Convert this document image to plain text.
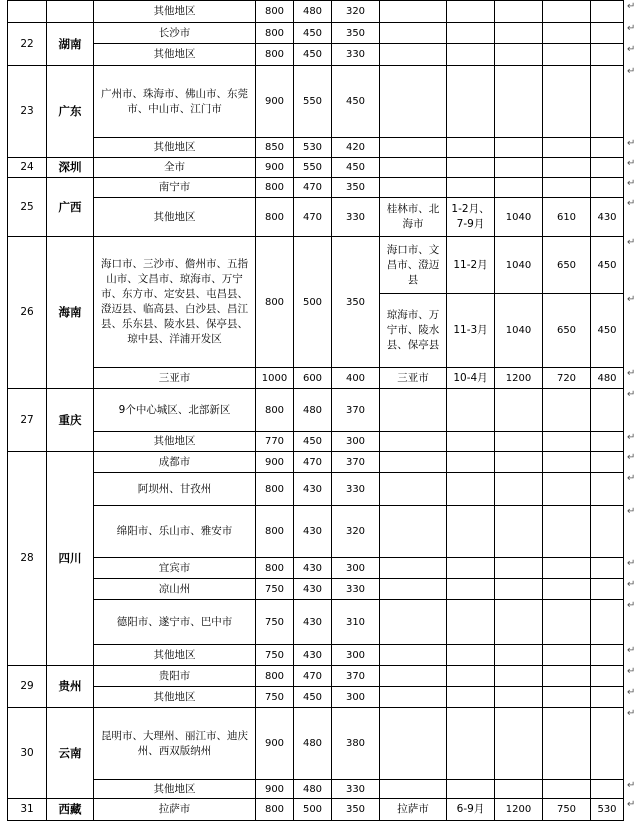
		其他地区	800	480	320					
22	湖南	长沙市	800	450	350					
		其他地区	800	450	330					
23	广东	广州市、珠海市、佛山市、东莞市、中山市、江门市	900	550	450					
		其他地区	850	530	420					
24	深圳	全市	900	550	450					
25	广西	南宁市	800	470	350					
		其他地区	800	470	330	桂林市、北海市	1-2月、7-9月	1040	610	430
26	海南	海口市、三沙市、儋州市、五指山市、文昌市、琼海市、万宁市、东方市、定安县、屯昌县、澄迈县、临高县、白沙县、昌江县、乐东县、陵水县、保亭县、琼中县、洋浦开发区	800	500	350	海口市、文昌市、澄迈县	11-2月	1040	650	450
						琼海市、万宁市、陵水县、保亭县	11-3月	1040	650	450
		三亚市	1000	600	400	三亚市	10-4月	1200	720	480
27	重庆	9个中心城区、北部新区	800	480	370					
		其他地区	770	450	300					
28	四川	成都市	900	470	370					
		阿坝州、甘孜州	800	430	330					
		绵阳市、乐山市、雅安市	800	430	320					
		宜宾市	800	430	300					
		凉山州	750	430	330					
		德阳市、遂宁市、巴中市	750	430	310					
		其他地区	750	430	300					
29	贵州	贵阳市	800	470	370					
		其他地区	750	450	300					
30	云南	昆明市、大理州、丽江市、迪庆州、西双版纳州	900	480	380					
		其他地区	900	480	330					
31	西藏	拉萨市	800	500	350	拉萨市	6-9月	1200	750	530
↵
↵
↵
↵
↵
↵
↵
↵
↵
↵
↵
↵
↵
↵
↵
↵
↵
↵
↵
↵
↵
↵
↵
↵
↵
